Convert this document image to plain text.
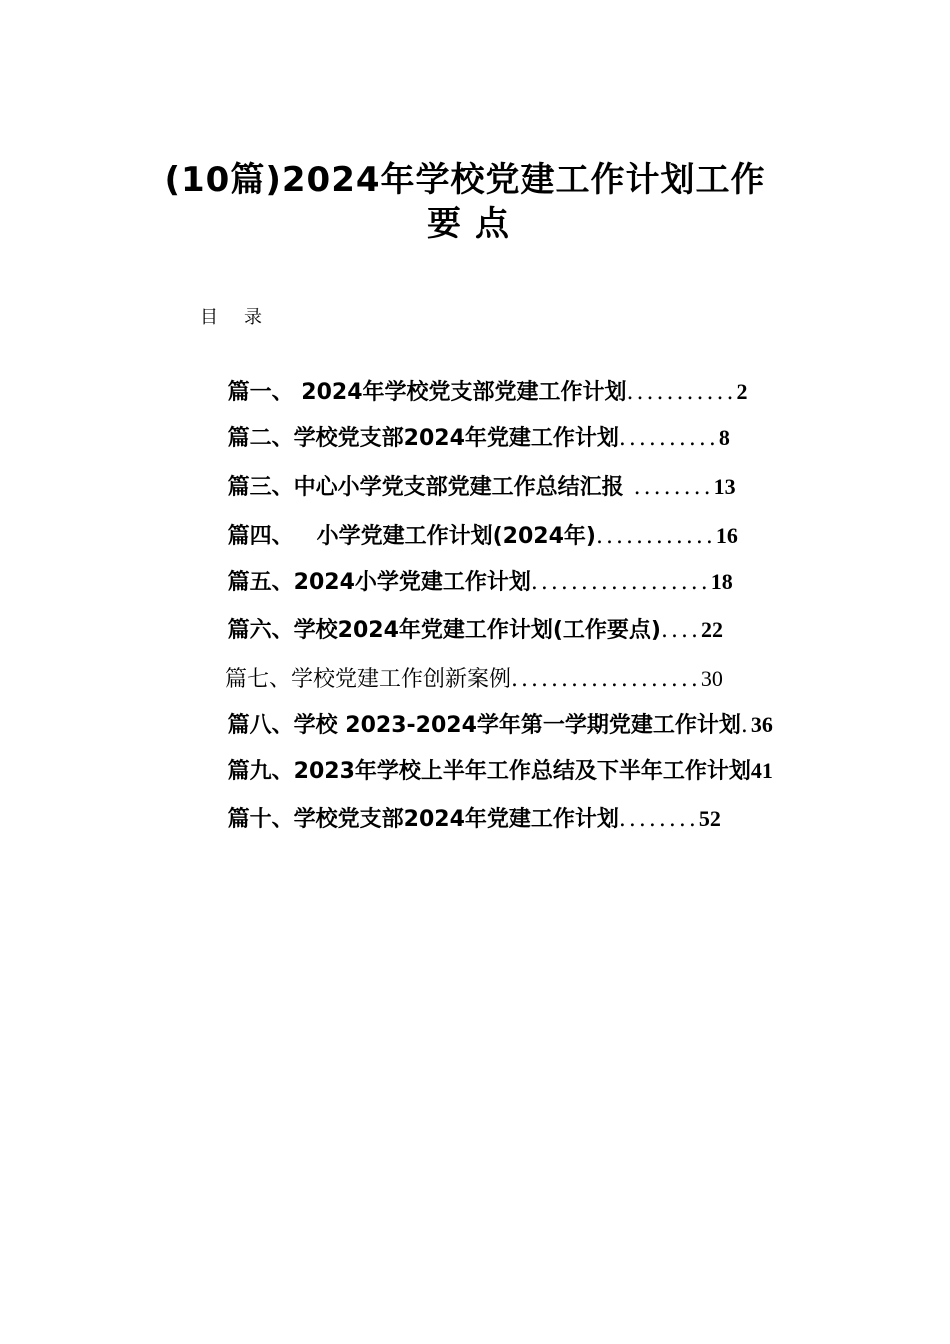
(10篇)2024年学校党建工作计划工作
要点
目录

篇一、 2024年学校党支部党建工作计划...........2

篇二、学校党支部2024年党建工作计划..........8

篇三、中心小学党支部党建工作总结汇报 ........13

篇四、   小学党建工作计划(2024年)............16

篇五、2024小学党建工作计划..................18

篇六、学校2024年党建工作计划(工作要点)....22

篇七、学校党建工作创新案例...................30

篇八、学校 2023-2024学年第一学期党建工作计划.36

篇九、2023年学校上半年工作总结及下半年工作计划41

篇十、学校党支部2024年党建工作计划........52
